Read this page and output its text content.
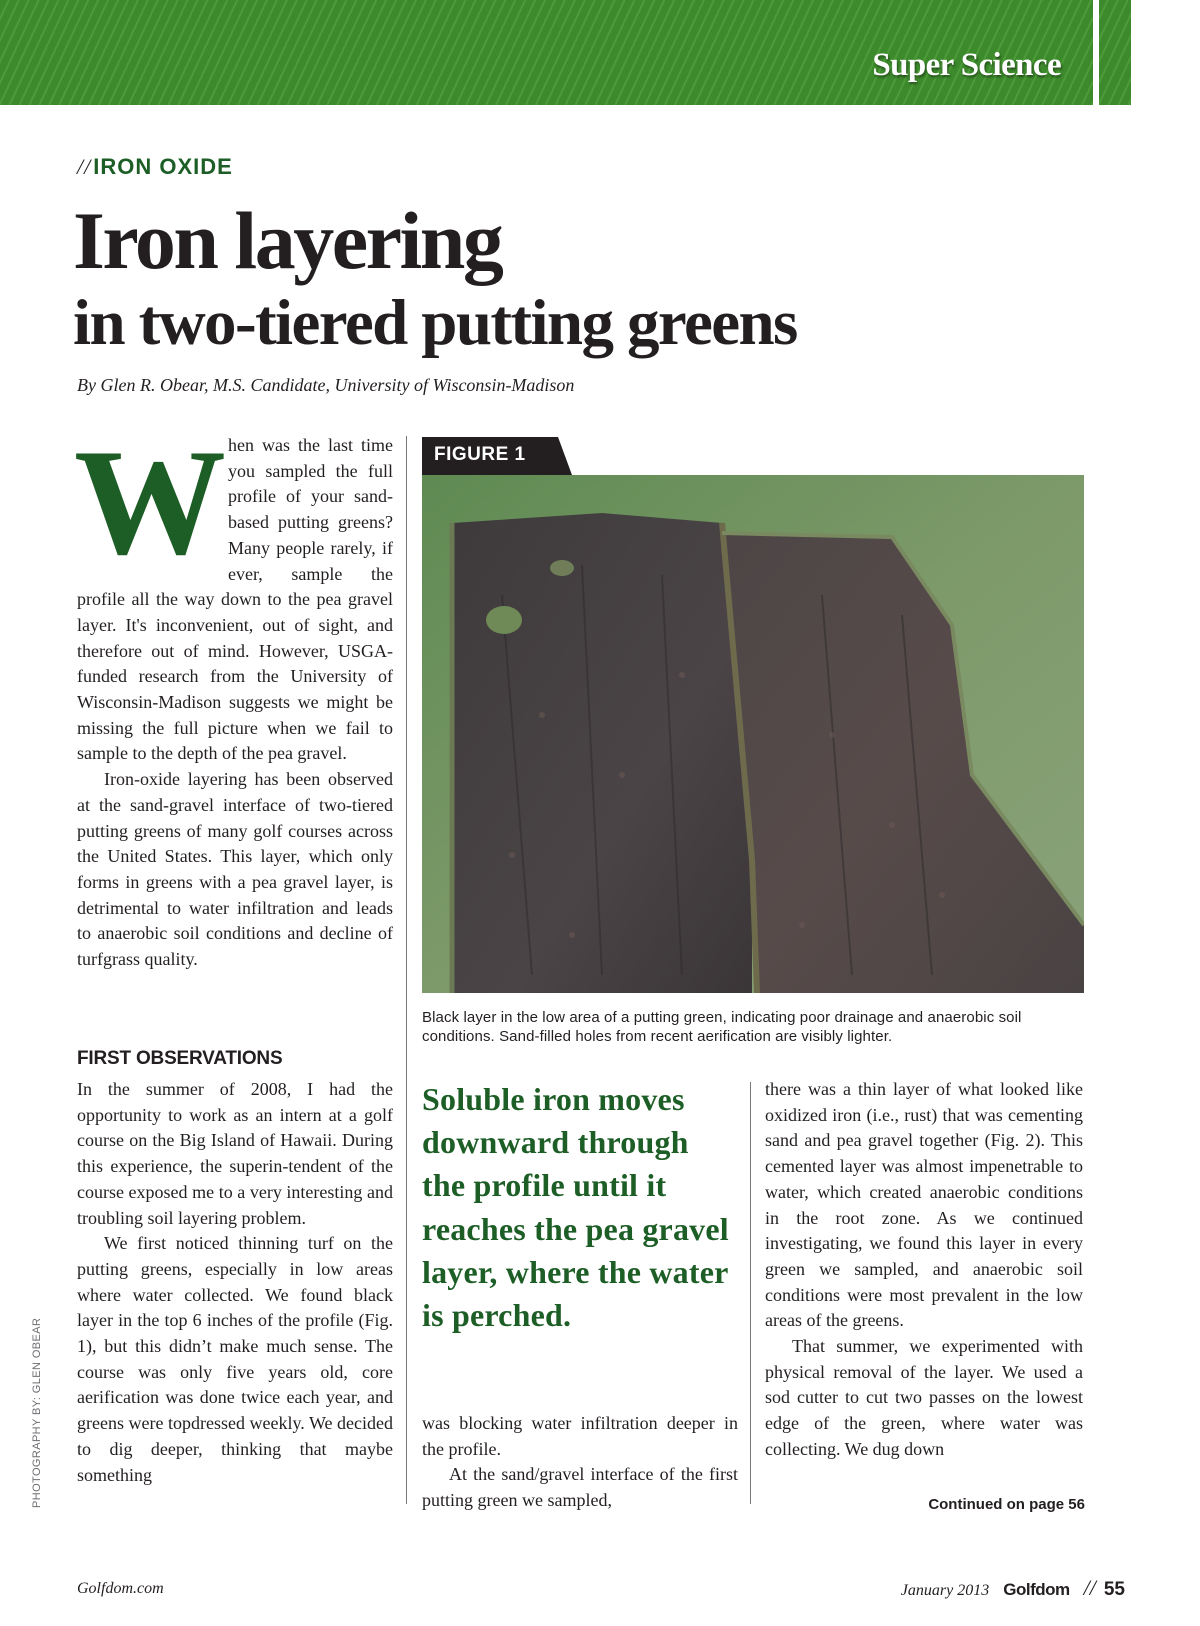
Super Science
//IRON OXIDE
Iron layering
in two-tiered putting greens
By Glen R. Obear, M.S. Candidate, University of Wisconsin-Madison
W hen was the last time you sampled the full profile of your sand-based putting greens? Many people rarely, if ever, sample the profile all the way down to the pea gravel layer. It's inconvenient, out of sight, and therefore out of mind. However, USGA-funded research from the University of Wisconsin-Madison suggests we might be missing the full picture when we fail to sample to the depth of the pea gravel.

Iron-oxide layering has been observed at the sand-gravel interface of two-tiered putting greens of many golf courses across the United States. This layer, which only forms in greens with a pea gravel layer, is detrimental to water infiltration and leads to anaerobic soil conditions and decline of turfgrass quality.

FIRST OBSERVATIONS

In the summer of 2008, I had the opportunity to work as an intern at a golf course on the Big Island of Hawaii. During this experience, the superin-tendent of the course exposed me to a very interesting and troubling soil layering problem.

We first noticed thinning turf on the putting greens, especially in low areas where water collected. We found black layer in the top 6 inches of the profile (Fig. 1), but this didn’t make much sense. The course was only five years old, core aerification was done twice each year, and greens were topdressed weekly. We decided to dig deeper, thinking that maybe something

FIGURE 1
Black layer in the low area of a putting green, indicating poor drainage and anaerobic soil conditions. Sand-filled holes from recent aerification are visibly lighter.
Soluble iron moves downward through the profile until it reaches the pea gravel layer, where the water is perched.

was blocking water infiltration deeper in the profile.

At the sand/gravel interface of the first putting green we sampled,

there was a thin layer of what looked like oxidized iron (i.e., rust) that was cementing sand and pea gravel together (Fig. 2). This cemented layer was almost impenetrable to water, which created anaerobic conditions in the root zone. As we continued investigating, we found this layer in every green we sampled, and anaerobic soil conditions were most prevalent in the low areas of the greens.

That summer, we experimented with physical removal of the layer. We used a sod cutter to cut two passes on the lowest edge of the green, where water was collecting. We dug down

Continued on page 56
PHOTOGRAPHY BY: GLEN OBEAR
Golfdom.com	January 2013 Golfdom // 55
